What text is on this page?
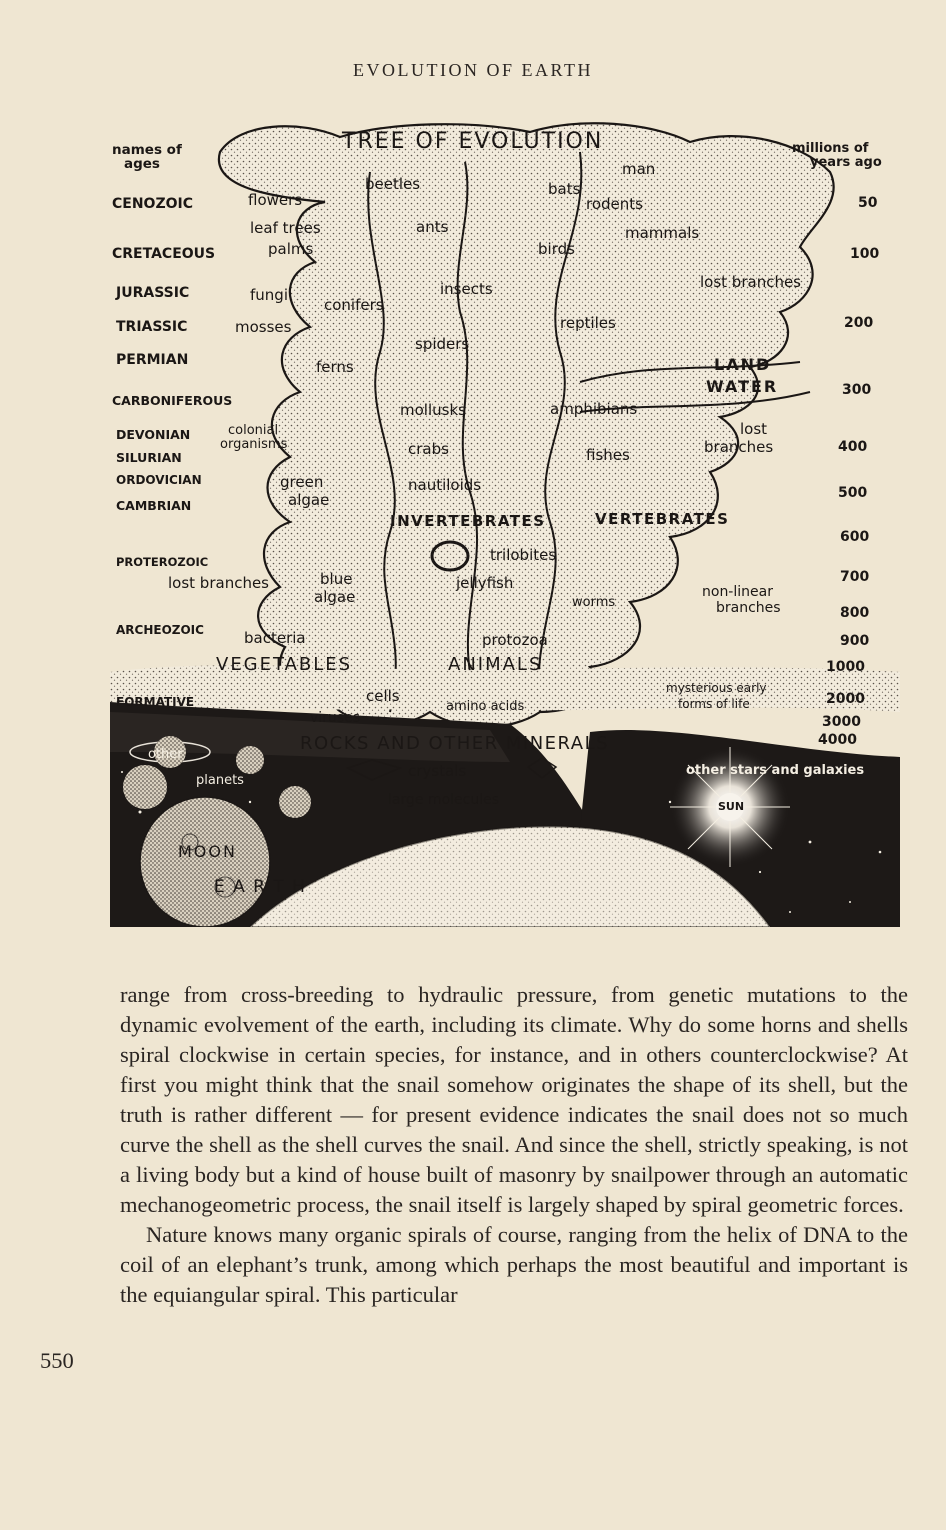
EVOLUTION OF EARTH
names of ages
CENOZOIC
CRETACEOUS
JURASSIC
TRIASSIC
PERMIAN
CARBONIFEROUS
DEVONIAN
SILURIAN
ORDOVICIAN
CAMBRIAN
PROTEROZOIC
ARCHEOZOIC
FORMATIVE
millions of years ago
50
100
200
300
400
500
600
700
800
900
1000
2000
3000
4000
TREE OF EVOLUTION
beetles
man
flowers
bats
rodents
leaf trees	ants	mammals
palms	birds
fungi	insects
conifers
lost branches
mosses	reptiles
spiders
ferns	LAND
WATER
mollusks	amphibians
colonial organisms
lost branches
crabs	fishes
green algae
nautiloids
INVERTEBRATES	VERTEBRATES
trilobites
lost branches	blue algae
jellyfish
worms
non-linear branches
bacteria	protozoa
VEGETABLES	ANIMALS
mysterious early forms of life
cells
amino acids
viruses
ROCKS AND OTHER MINERALS
crystals
large molecules
E A R T H
other planets
other stars and galaxies
SUN
MOON

range from cross-breeding to hydraulic pressure, from genetic mutations to the dynamic evolvement of the earth, including its climate. Why do some horns and shells spiral clockwise in certain species, for instance, and in others counterclockwise? At first you might think that the snail somehow originates the shape of its shell, but the truth is rather different — for present evidence indicates the snail does not so much curve the shell as the shell curves the snail. And since the shell, strictly speaking, is not a living body but a kind of house built of masonry by snailpower through an automatic mechanogeometric process, the snail itself is largely shaped by spiral geometric forces.

Nature knows many organic spirals of course, ranging from the helix of DNA to the coil of an elephant’s trunk, among which perhaps the most beautiful and important is the equiangular spiral. This particular

550
